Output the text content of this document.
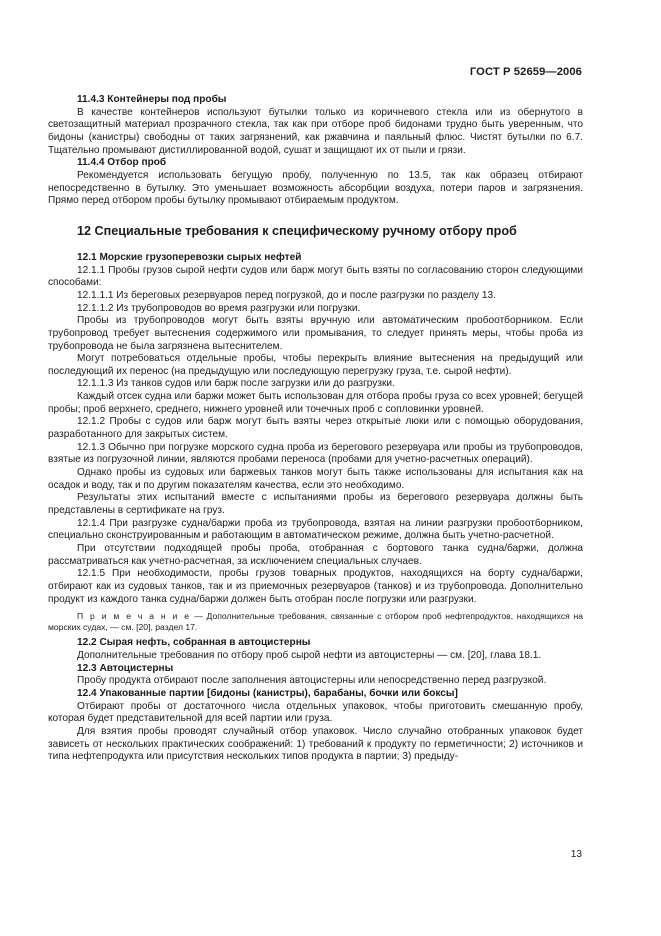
ГОСТ Р 52659—2006

11.4.3 Контейнеры под пробы

В качестве контейнеров используют бутылки только из коричневого стекла или из обернутого в светозащитный материал прозрачного стекла, так как при отборе проб бидонами трудно быть уверенным, что бидоны (канистры) свободны от таких загрязнений, как ржавчина и паяльный флюс. Чистят бутылки по 6.7. Тщательно промывают дистиллированной водой, сушат и защищают их от пыли и грязи.

11.4.4 Отбор проб

Рекомендуется использовать бегущую пробу, полученную по 13.5, так как образец отбирают непосредственно в бутылку. Это уменьшает возможность абсорбции воздуха, потери паров и загрязнения. Прямо перед отбором пробы бутылку промывают отбираемым продуктом.

12 Специальные требования к специфическому ручному отбору проб

12.1 Морские грузоперевозки сырых нефтей

12.1.1 Пробы грузов сырой нефти судов или барж могут быть взяты по согласованию сторон следующими способами:

12.1.1.1 Из береговых резервуаров перед погрузкой, до и после разгрузки по разделу 13.

12.1.1.2 Из трубопроводов во время разгрузки или погрузки.

Пробы из трубопроводов могут быть взяты вручную или автоматическим пробоотборником. Если трубопровод требует вытеснения содержимого или промывания, то следует принять меры, чтобы проба из трубопровода не была загрязнена вытеснителем.

Могут потребоваться отдельные пробы, чтобы перекрыть влияние вытеснения на предыдущий или последующий их перенос (на предыдущую или последующую перегрузку груза, т.е. сырой нефти).

12.1.1.3 Из танков судов или барж после загрузки или до разгрузки.

Каждый отсек судна или баржи может быть использован для отбора пробы груза со всех уровней; бегущей пробы; проб верхнего, среднего, нижнего уровней или точечных проб с сопловинки уровней.

12.1.2 Пробы с судов или барж могут быть взяты через открытые люки или с помощью оборудования, разработанного для закрытых систем.

12.1.3 Обычно при погрузке морского судна проба из берегового резервуара или пробы из трубопроводов, взятые из погрузочной линии, являются пробами переноса (пробами для учетно-расчетных операций).

Однако пробы из судовых или баржевых танков могут быть также использованы для испытания как на осадок и воду, так и по другим показателям качества, если это необходимо.

Результаты этих испытаний вместе с испытаниями пробы из берегового резервуара должны быть представлены в сертификате на груз.

12.1.4 При разгрузке судна/баржи проба из трубопровода, взятая на линии разгрузки пробоотборником, специально сконструированным и работающим в автоматическом режиме, должна быть учетно-расчетной.

При отсутствии подходящей пробы проба, отобранная с бортового танка судна/баржи, должна рассматриваться как учетно-расчетная, за исключением специальных случаев.

12.1.5 При необходимости, пробы грузов товарных продуктов, находящихся на борту судна/баржи, отбирают как из судовых танков, так и из приемочных резервуаров (танков) и из трубопровода. Дополнительно продукт из каждого танка судна/баржи должен быть отобран после погрузки или разгрузки.

П р и м е ч а н и е — Дополнительные требования, связанные с отбором проб нефтепродуктов, находящихся на морских судах, — см. [20], раздел 17.

12.2 Сырая нефть, собранная в автоцистерны

Дополнительные требования по отбору проб сырой нефти из автоцистерны — см. [20], глава 18.1.

12.3 Автоцистерны

Пробу продукта отбирают после заполнения автоцистерны или непосредственно перед разгрузкой.

12.4 Упакованные партии [бидоны (канистры), барабаны, бочки или боксы]

Отбирают пробы от достаточного числа отдельных упаковок, чтобы приготовить смешанную пробу, которая будет представительной для всей партии или груза.

Для взятия пробы проводят случайный отбор упаковок. Число случайно отобранных упаковок будет зависеть от нескольких практических соображений: 1) требований к продукту по герметичности; 2) источников и типа нефтепродукта или присутствия нескольких типов продукта в партии; 3) предыду-

13
